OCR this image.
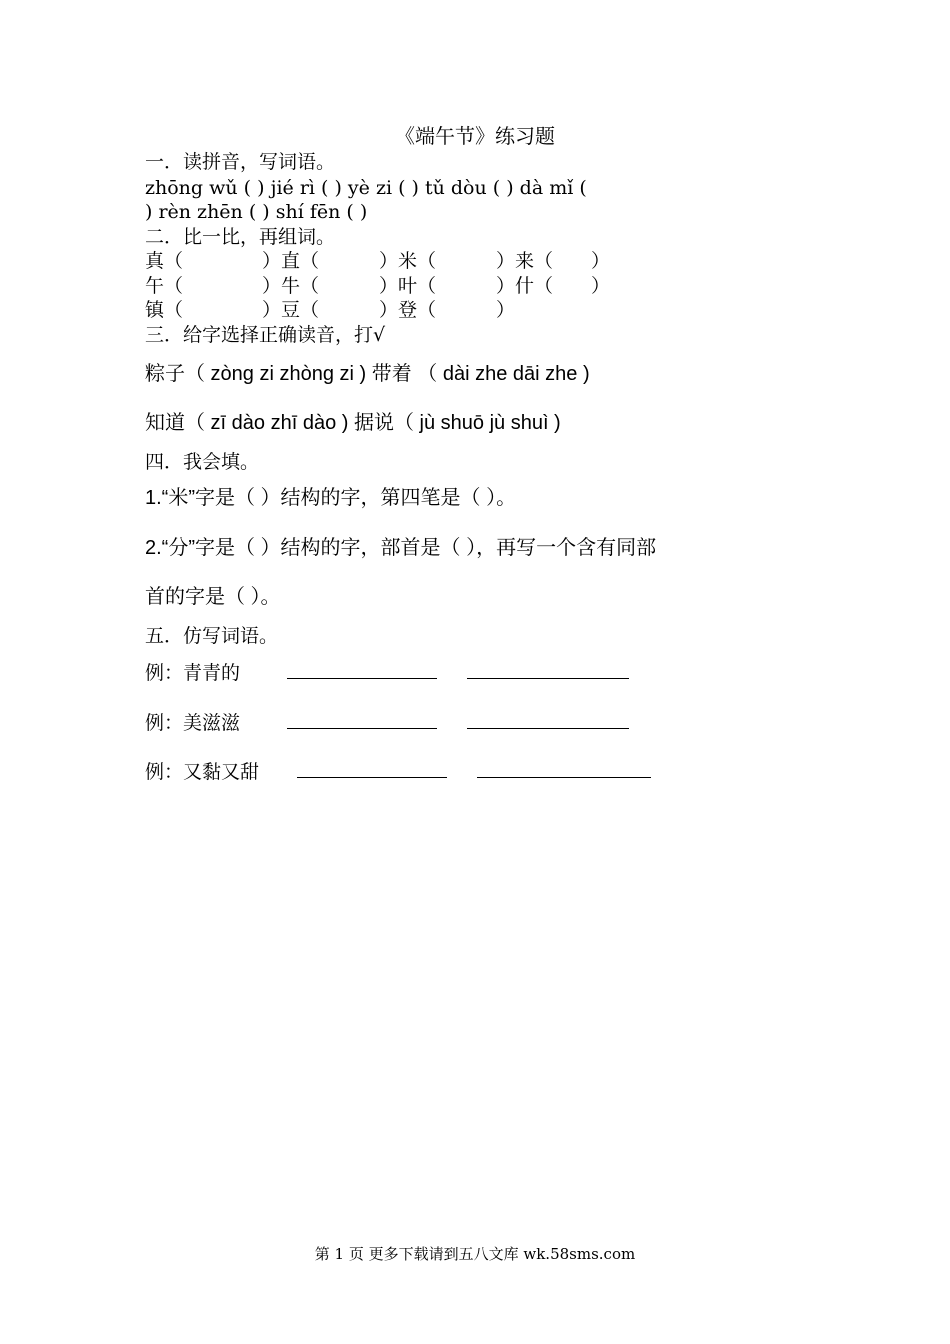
《端午节》练习题
一．读拼音，写词语。
zhōng wǔ ( ) jié rì ( ) yè zi ( ) tǔ dòu ( ) dà mǐ (
) rèn zhēn ( ) shí fēn ( )
二．比一比，再组词。
真（	）直（	）米（	）来（ ）
午（	）牛（	）叶（	）什（ ）
镇（	）豆（	）登（	）
三．给字选择正确读音，打√
粽子（ zòng zi zhòng zi ) 带着 （ dài zhe dāi zhe )
知道（ zī dào zhī dào ) 据说（ jù shuō jù shuì )
四．我会填。
1.“米”字是（ ）结构的字，第四笔是（ ）。
2.“分”字是（ ）结构的字，部首是（ ），再写一个含有同部
首的字是（ ）。
五．仿写词语。
例：青青的
例：美滋滋
例：又黏又甜
第 1 页 更多下载请到五八文库 wk.58sms.com
